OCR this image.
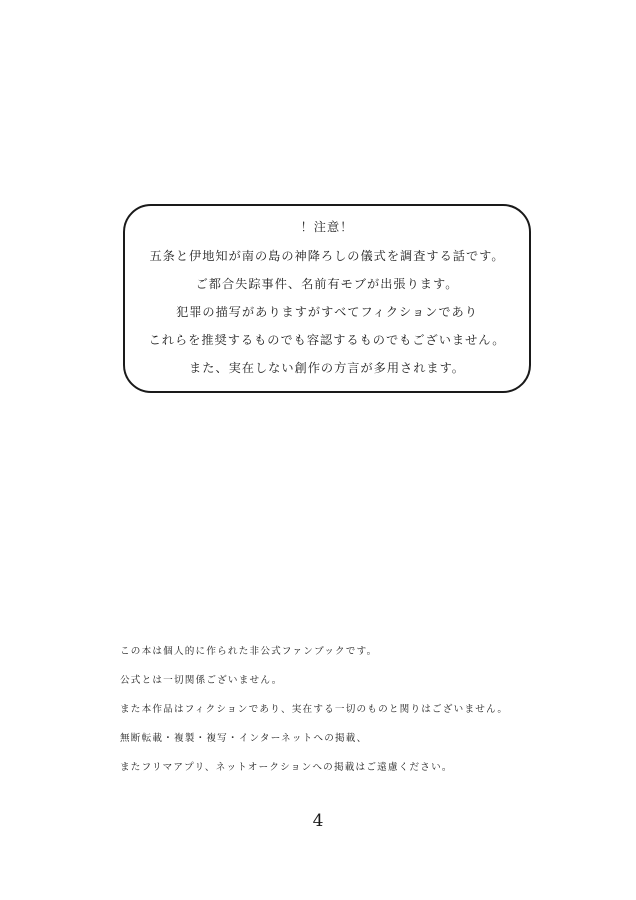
！注意！
五条と伊地知が南の島の神降ろしの儀式を調査する話です。
ご都合失踪事件、名前有モブが出張ります。
犯罪の描写がありますがすべてフィクションであり
これらを推奨するものでも容認するものでもございません。
また、実在しない創作の方言が多用されます。
この本は個人的に作られた非公式ファンブックです。
公式とは一切関係ございません。
また本作品はフィクションであり、実在する一切のものと関りはございません。
無断転載・複製・複写・インターネットへの掲載、
またフリマアプリ、ネットオークションへの掲載はご遠慮ください。
4
